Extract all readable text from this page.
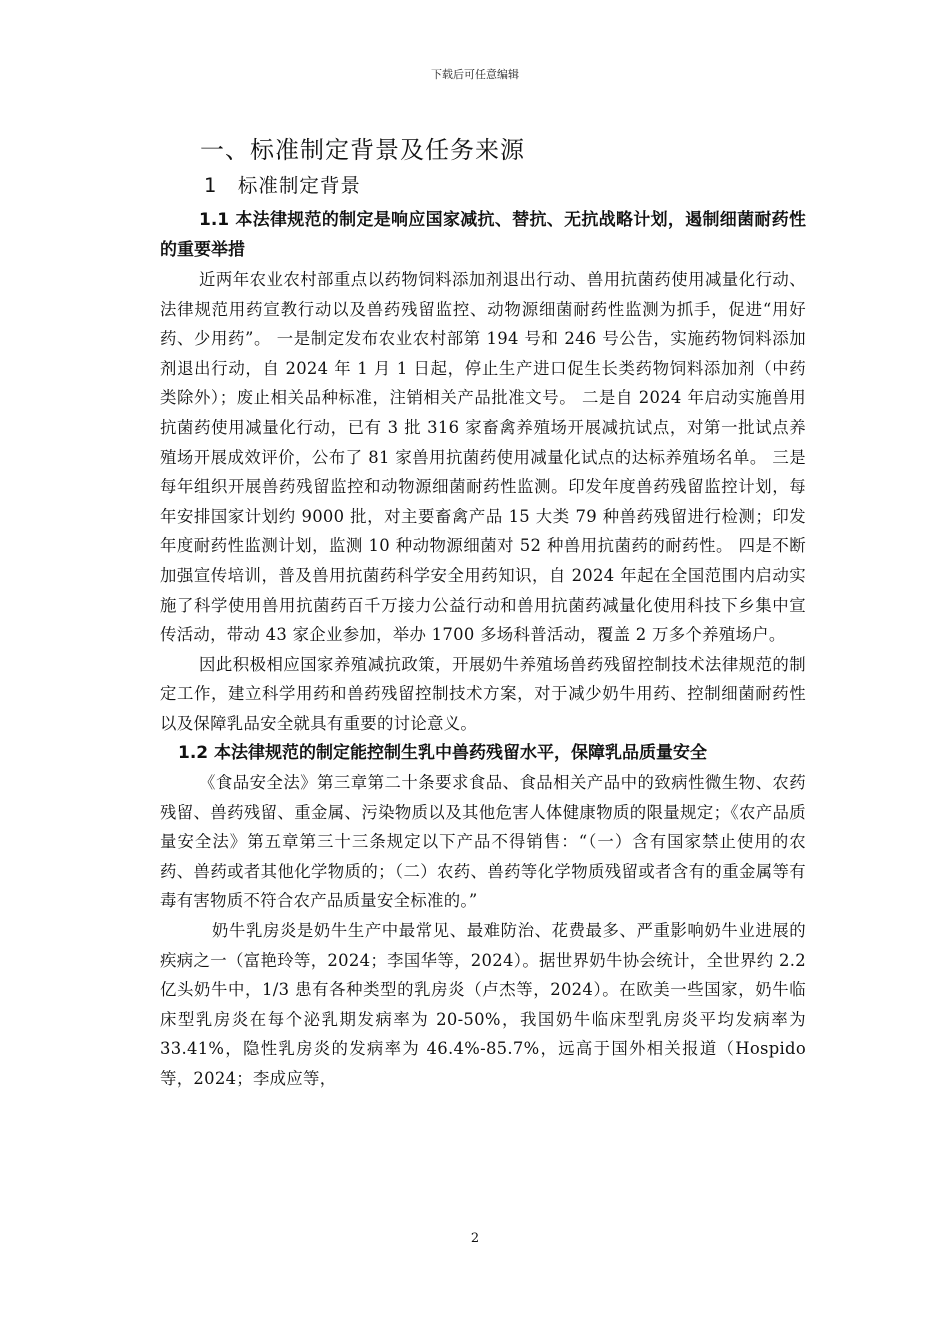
下载后可任意编辑
一、标准制定背景及任务来源
1　标准制定背景
1.1 本法律规范的制定是响应国家减抗、替抗、无抗战略计划，遏制细菌耐药性的重要举措

近两年农业农村部重点以药物饲料添加剂退出行动、兽用抗菌药使用减量化行动、法律规范用药宣教行动以及兽药残留监控、动物源细菌耐药性监测为抓手，促进“用好药、少用药”。 一是制定发布农业农村部第 194 号和 246 号公告，实施药物饲料添加剂退出行动，自 2024 年 1 月 1 日起，停止生产进口促生长类药物饲料添加剂（中药类除外）；废止相关品种标准，注销相关产品批准文号。 二是自 2024 年启动实施兽用抗菌药使用减量化行动，已有 3 批 316 家畜禽养殖场开展减抗试点，对第一批试点养殖场开展成效评价，公布了 81 家兽用抗菌药使用减量化试点的达标养殖场名单。 三是每年组织开展兽药残留监控和动物源细菌耐药性监测。印发年度兽药残留监控计划，每年安排国家计划约 9000 批，对主要畜禽产品 15 大类 79 种兽药残留进行检测；印发年度耐药性监测计划，监测 10 种动物源细菌对 52 种兽用抗菌药的耐药性。 四是不断加强宣传培训，普及兽用抗菌药科学安全用药知识，自 2024 年起在全国范围内启动实施了科学使用兽用抗菌药百千万接力公益行动和兽用抗菌药减量化使用科技下乡集中宣传活动，带动 43 家企业参加，举办 1700 多场科普活动，覆盖 2 万多个养殖场户。

因此积极相应国家养殖减抗政策，开展奶牛养殖场兽药残留控制技术法律规范的制定工作，建立科学用药和兽药残留控制技术方案，对于减少奶牛用药、控制细菌耐药性以及保障乳品安全就具有重要的讨论意义。

1.2 本法律规范的制定能控制生乳中兽药残留水平，保障乳品质量安全

《食品安全法》第三章第二十条要求食品、食品相关产品中的致病性微生物、农药残留、兽药残留、重金属、污染物质以及其他危害人体健康物质的限量规定；《农产品质量安全法》第五章第三十三条规定以下产品不得销售：“（一）含有国家禁止使用的农药、兽药或者其他化学物质的；（二）农药、兽药等化学物质残留或者含有的重金属等有毒有害物质不符合农产品质量安全标准的。”

奶牛乳房炎是奶牛生产中最常见、最难防治、花费最多、严重影响奶牛业进展的疾病之一（富艳玲等，2024；李国华等，2024）。据世界奶牛协会统计，全世界约 2.2 亿头奶牛中，1/3 患有各种类型的乳房炎（卢杰等，2024）。在欧美一些国家，奶牛临床型乳房炎在每个泌乳期发病率为 20-50%，我国奶牛临床型乳房炎平均发病率为 33.41%，隐性乳房炎的发病率为 46.4%-85.7%，远高于国外相关报道（Hospido 等，2024；李成应等，

2
